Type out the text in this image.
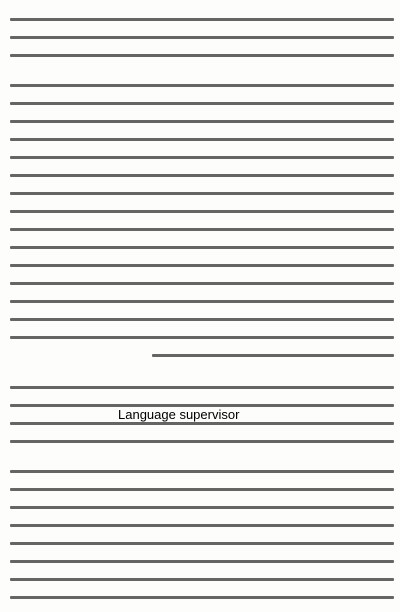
Language supervisor
